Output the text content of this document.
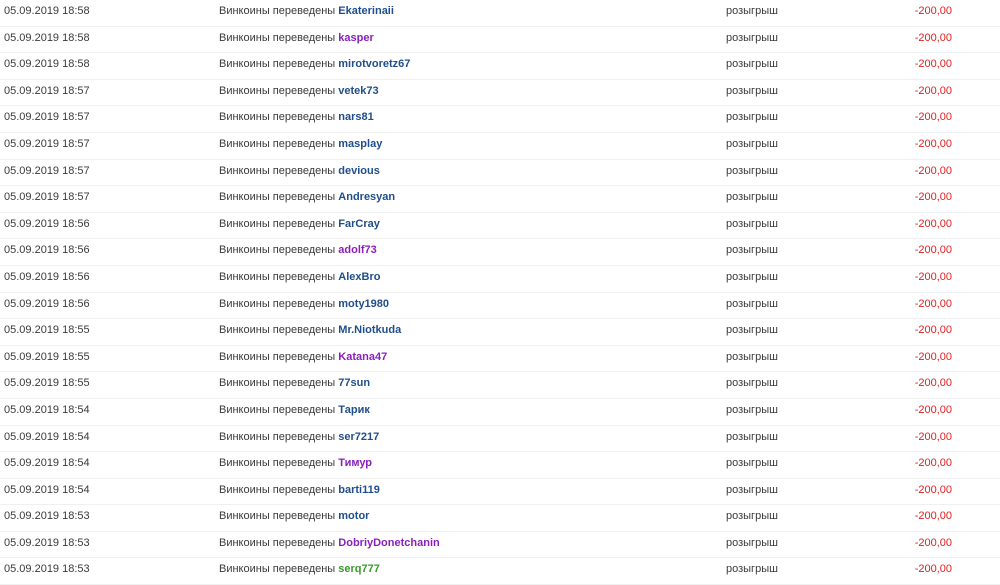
05.09.2019 18:58	Винкоины переведены Ekaterinaii	розыгрыш	-200,00
05.09.2019 18:58	Винкоины переведены kasper	розыгрыш	-200,00
05.09.2019 18:58	Винкоины переведены mirotvoretz67	розыгрыш	-200,00
05.09.2019 18:57	Винкоины переведены vetek73	розыгрыш	-200,00
05.09.2019 18:57	Винкоины переведены nars81	розыгрыш	-200,00
05.09.2019 18:57	Винкоины переведены masplay	розыгрыш	-200,00
05.09.2019 18:57	Винкоины переведены devious	розыгрыш	-200,00
05.09.2019 18:57	Винкоины переведены Andresyan	розыгрыш	-200,00
05.09.2019 18:56	Винкоины переведены FarCray	розыгрыш	-200,00
05.09.2019 18:56	Винкоины переведены adolf73	розыгрыш	-200,00
05.09.2019 18:56	Винкоины переведены AlexBro	розыгрыш	-200,00
05.09.2019 18:56	Винкоины переведены moty1980	розыгрыш	-200,00
05.09.2019 18:55	Винкоины переведены Mr.Niotkuda	розыгрыш	-200,00
05.09.2019 18:55	Винкоины переведены Katana47	розыгрыш	-200,00
05.09.2019 18:55	Винкоины переведены 77sun	розыгрыш	-200,00
05.09.2019 18:54	Винкоины переведены Тарик	розыгрыш	-200,00
05.09.2019 18:54	Винкоины переведены ser7217	розыгрыш	-200,00
05.09.2019 18:54	Винкоины переведены Тимур	розыгрыш	-200,00
05.09.2019 18:54	Винкоины переведены barti119	розыгрыш	-200,00
05.09.2019 18:53	Винкоины переведены motor	розыгрыш	-200,00
05.09.2019 18:53	Винкоины переведены DobriyDonetchanin	розыгрыш	-200,00
05.09.2019 18:53	Винкоины переведены serq777	розыгрыш	-200,00
